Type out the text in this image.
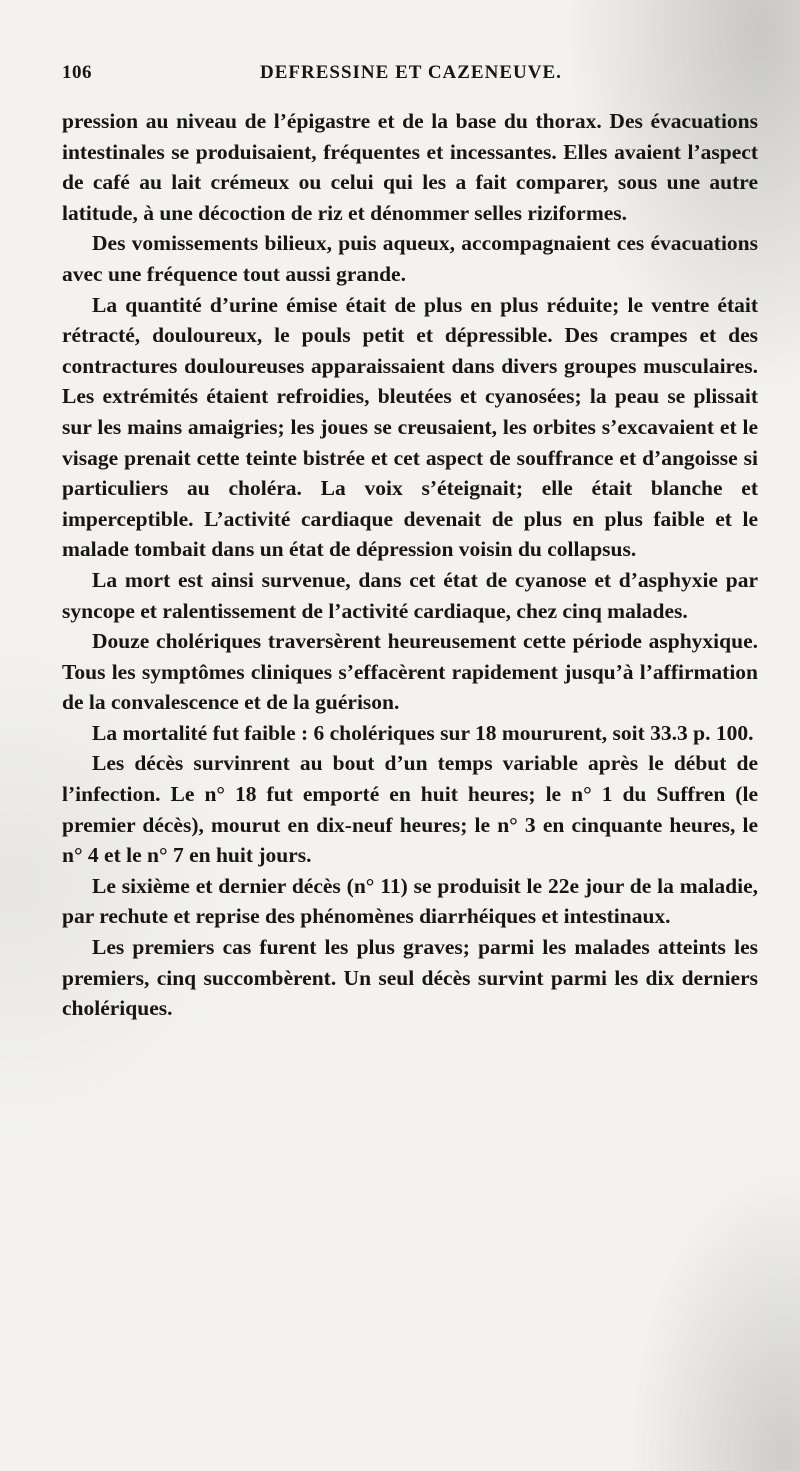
106	DEFRESSINE ET CAZENEUVE.

pression au niveau de l’épigastre et de la base du thorax. Des évacuations intestinales se produisaient, fréquentes et incessantes. Elles avaient l’aspect de café au lait crémeux ou celui qui les a fait comparer, sous une autre latitude, à une décoction de riz et dénommer selles riziformes.

Des vomissements bilieux, puis aqueux, accompagnaient ces évacuations avec une fréquence tout aussi grande.

La quantité d’urine émise était de plus en plus réduite; le ventre était rétracté, douloureux, le pouls petit et dépressible. Des crampes et des contractures douloureuses apparaissaient dans divers groupes musculaires. Les extrémités étaient refroidies, bleutées et cyanosées; la peau se plissait sur les mains amaigries; les joues se creusaient, les orbites s’excavaient et le visage prenait cette teinte bistrée et cet aspect de souffrance et d’angoisse si particuliers au choléra. La voix s’éteignait; elle était blanche et imperceptible. L’activité cardiaque devenait de plus en plus faible et le malade tombait dans un état de dépression voisin du collapsus.

La mort est ainsi survenue, dans cet état de cyanose et d’asphyxie par syncope et ralentissement de l’activité cardiaque, chez cinq malades.

Douze cholériques traversèrent heureusement cette période asphyxique. Tous les symptômes cliniques s’effacèrent rapidement jusqu’à l’affirmation de la convalescence et de la guérison.

La mortalité fut faible : 6 cholériques sur 18 moururent, soit 33.3 p. 100.

Les décès survinrent au bout d’un temps variable après le début de l’infection. Le n° 18 fut emporté en huit heures; le n° 1 du Suffren (le premier décès), mourut en dix-neuf heures; le n° 3 en cinquante heures, le n° 4 et le n° 7 en huit jours.

Le sixième et dernier décès (n° 11) se produisit le 22e jour de la maladie, par rechute et reprise des phénomènes diarrhéiques et intestinaux.

Les premiers cas furent les plus graves; parmi les malades atteints les premiers, cinq succombèrent. Un seul décès survint parmi les dix derniers cholériques.
